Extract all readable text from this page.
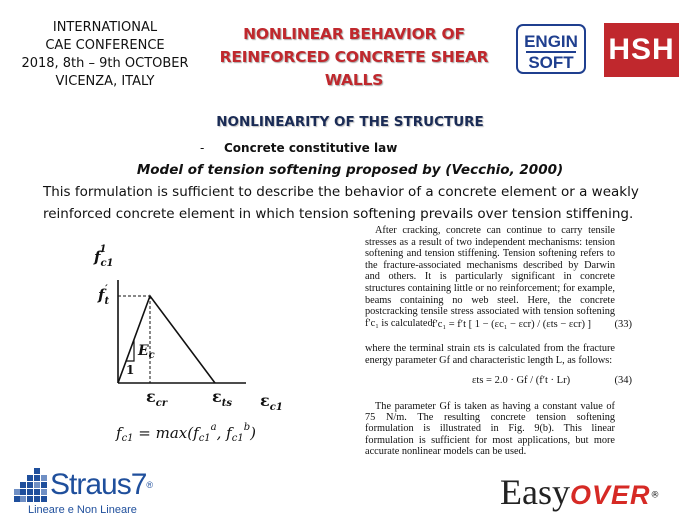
INTERNATIONAL
CAE CONFERENCE
2018, 8th – 9th OCTOBER
VICENZA, ITALY
NONLINEAR BEHAVIOR OF
REINFORCED CONCRETE SHEAR
WALLS
ENGIN
SOFT	HSH
NONLINEARITY OF THE STRUCTURE
- Concrete constitutive law
Model of tension softening proposed by (Vecchio, 2000)
This formulation is sufficient to describe the behavior of a concrete element or a weakly reinforced concrete element in which tension softening prevails over tension stiffening.
$f_{c1}1$
$f_t'$
$E_c$
1
$\varepsilon_{cr}$	$\varepsilon_{ts}$ $\varepsilon_{c1}$
$f_{c1} = \max(f_{c1}^a$, $f_{c1}^b$)

After cracking, concrete can continue to carry tensile stresses as a result of two independent mechanisms: tension softening and tension stiffening. Tension softening refers to the fracture-associated mechanisms described by Darwin and others. It is particularly significant in concrete structures containing little or no reinforcement; for example, beams containing no web steel. Here, the concrete postcracking tensile stress associated with tension softening f′c₁ is calculated f′c₁ = f′t [ 1 − (εc₁ − εcr) / (εts − εcr) ] (33)

where the terminal strain εts is calculated from the fracture energy parameter Gf and characteristic length L, as follows:

εts = 2.0 · Gf / (f′t · Lr)	(34)

The parameter Gf is taken as having a constant value of 75 N/m. The resulting concrete tension softening formulation is illustrated in Fig. 9(b). This linear formulation is sufficient for most applications, but more accurate nonlinear models can be used.

Straus7®
Lineare e Non Lineare	EasyOVER®
